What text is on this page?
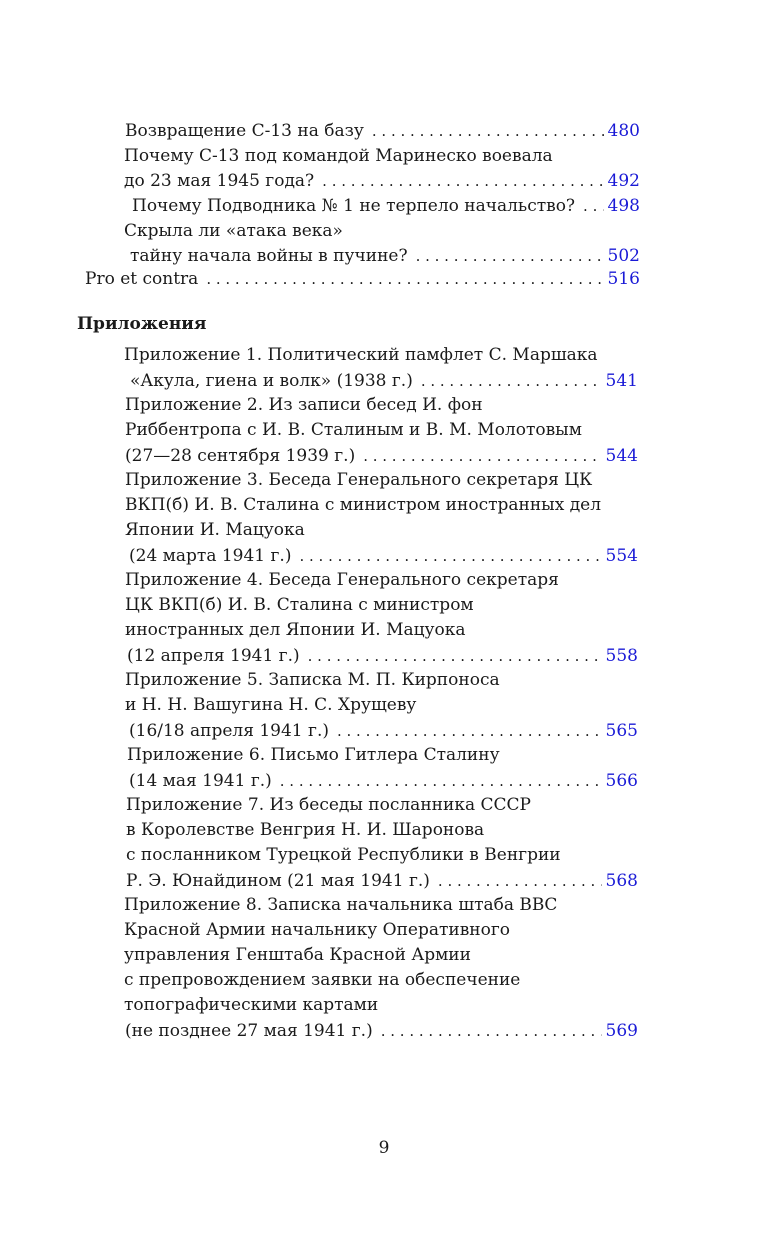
Возвращение С-13 на базу . . .	480
Почему С-13 под командой Маринеско воевала
до 23 мая 1945 года? . . .	492
Почему Подводника № 1 не терпело начальство? . . . 498
Скрыла ли «атака века»
тайну начала войны в пучине? . . .	502
Pro et contra . . .	516
Приложения
Приложение 1. Политический памфлет С. Маршака
«Акула, гиена и волк» (1938 г.) . . .	541
Приложение 2. Из записи бесед И. фон
Риббентропа с И. В. Сталиным и В. М. Молотовым
(27—28 сентября 1939 г.) . . .	544
Приложение 3. Беседа Генерального секретаря ЦК
ВКП(б) И. В. Сталина с министром иностранных дел
Японии И. Мацуока
(24 марта 1941 г.) . . .	554
Приложение 4. Беседа Генерального секретаря
ЦК ВКП(б) И. В. Сталина с министром
иностранных дел Японии И. Мацуока
(12 апреля 1941 г.) . . .	558
Приложение 5. Записка М. П. Кирпоноса
и Н. Н. Вашугина Н. С. Хрущеву
(16/18 апреля 1941 г.) . . .	565
Приложение 6. Письмо Гитлера Сталину
(14 мая 1941 г.) . . .	566
Приложение 7. Из беседы посланника СССР
в Королевстве Венгрия Н. И. Шаронова
с посланником Турецкой Республики в Венгрии
Р. Э. Юнайдином (21 мая 1941 г.) . . .	568
Приложение 8. Записка начальника штаба ВВС
Красной Армии начальнику Оперативного
управления Генштаба Красной Армии
с препровождением заявки на обеспечение
топографическими картами
(не позднее 27 мая 1941 г.) . . .	569
9
